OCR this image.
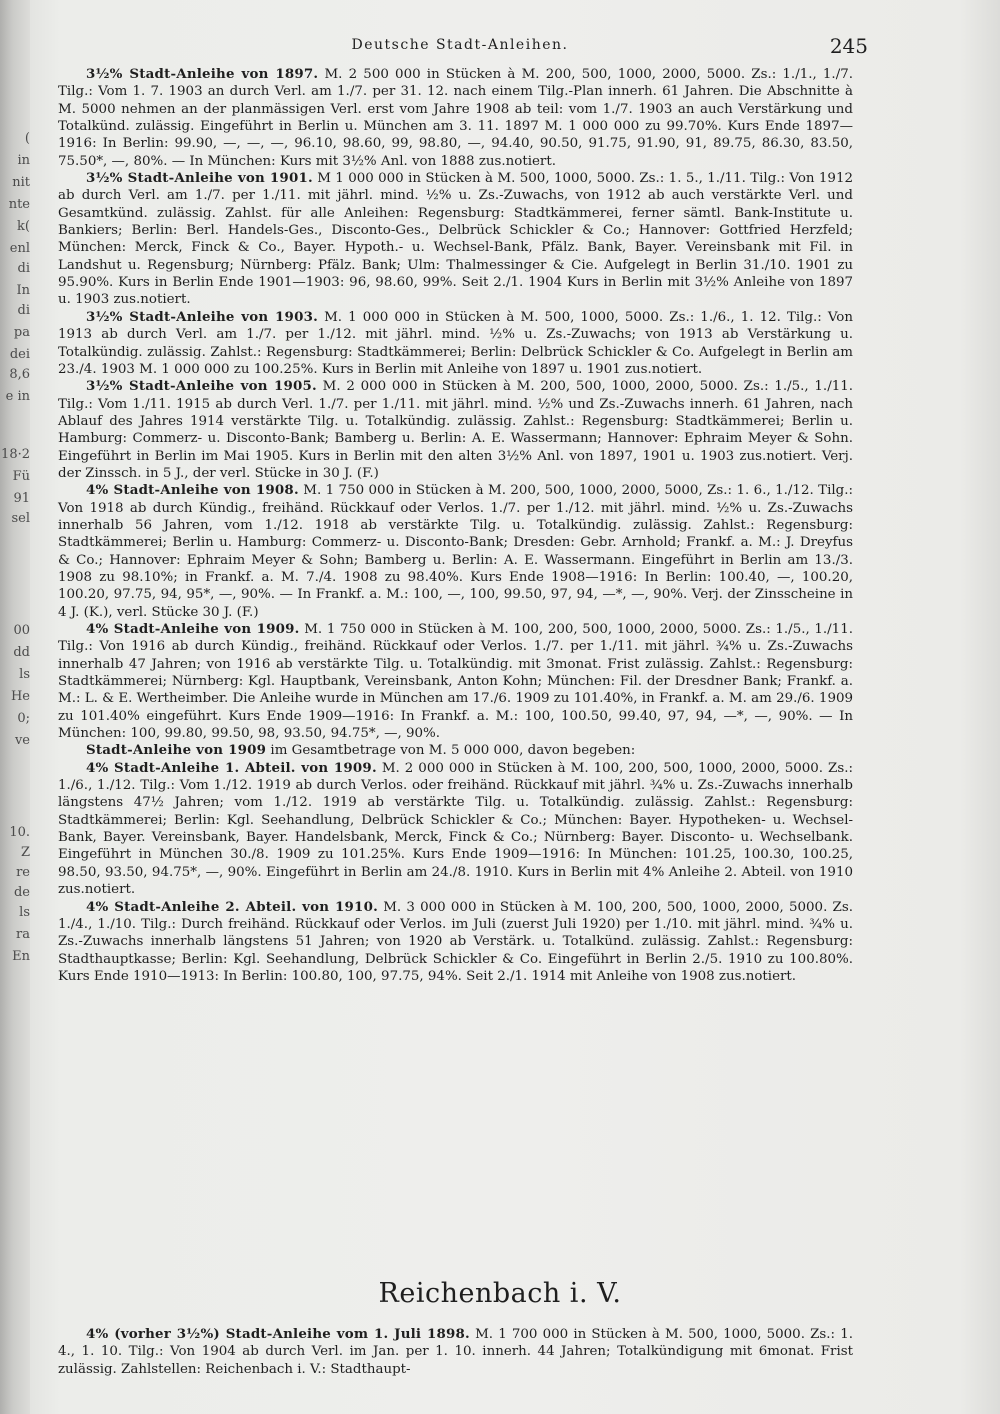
(
in
nit
nte
k(
enl
di
In
di
pa
dei
8,6
e in
18·2
Fü
91
sel
00
dd
ls
He
0;
ve
10.
Z
re
de
ls
ra
En
Deutsche Stadt-Anleihen.	245

3½% Stadt-Anleihe von 1897. M. 2 500 000 in Stücken à M. 200, 500, 1000, 2000, 5000. Zs.: 1./1., 1./7. Tilg.: Vom 1. 7. 1903 an durch Verl. am 1./7. per 31. 12. nach einem Tilg.-Plan innerh. 61 Jahren. Die Abschnitte à M. 5000 nehmen an der planmässigen Verl. erst vom Jahre 1908 ab teil: vom 1./7. 1903 an auch Verstärkung und Totalkünd. zulässig. Eingeführt in Berlin u. München am 3. 11. 1897 M. 1 000 000 zu 99.70%. Kurs Ende 1897—1916: In Berlin: 99.90, —, —, —, 96.10, 98.60, 99, 98.80, —, 94.40, 90.50, 91.75, 91.90, 91, 89.75, 86.30, 83.50, 75.50*, —, 80%. — In München: Kurs mit 3½% Anl. von 1888 zus.notiert.

3½% Stadt-Anleihe von 1901. M 1 000 000 in Stücken à M. 500, 1000, 5000. Zs.: 1. 5., 1./11. Tilg.: Von 1912 ab durch Verl. am 1./7. per 1./11. mit jährl. mind. ½% u. Zs.-Zuwachs, von 1912 ab auch verstärkte Verl. und Gesamtkünd. zulässig. Zahlst. für alle Anleihen: Regensburg: Stadtkämmerei, ferner sämtl. Bank-Institute u. Bankiers; Berlin: Berl. Handels-Ges., Disconto-Ges., Delbrück Schickler & Co.; Hannover: Gottfried Herzfeld; München: Merck, Finck & Co., Bayer. Hypoth.- u. Wechsel-Bank, Pfälz. Bank, Bayer. Vereinsbank mit Fil. in Landshut u. Regensburg; Nürnberg: Pfälz. Bank; Ulm: Thalmessinger & Cie. Aufgelegt in Berlin 31./10. 1901 zu 95.90%. Kurs in Berlin Ende 1901—1903: 96, 98.60, 99%. Seit 2./1. 1904 Kurs in Berlin mit 3½% Anleihe von 1897 u. 1903 zus.notiert.

3½% Stadt-Anleihe von 1903. M. 1 000 000 in Stücken à M. 500, 1000, 5000. Zs.: 1./6., 1. 12. Tilg.: Von 1913 ab durch Verl. am 1./7. per 1./12. mit jährl. mind. ½% u. Zs.-Zuwachs; von 1913 ab Verstärkung u. Totalkündig. zulässig. Zahlst.: Regensburg: Stadtkämmerei; Berlin: Delbrück Schickler & Co. Aufgelegt in Berlin am 23./4. 1903 M. 1 000 000 zu 100.25%. Kurs in Berlin mit Anleihe von 1897 u. 1901 zus.notiert.

3½% Stadt-Anleihe von 1905. M. 2 000 000 in Stücken à M. 200, 500, 1000, 2000, 5000. Zs.: 1./5., 1./11. Tilg.: Vom 1./11. 1915 ab durch Verl. 1./7. per 1./11. mit jährl. mind. ½% und Zs.-Zuwachs innerh. 61 Jahren, nach Ablauf des Jahres 1914 verstärkte Tilg. u. Totalkündig. zulässig. Zahlst.: Regensburg: Stadtkämmerei; Berlin u. Hamburg: Commerz- u. Disconto-Bank; Bamberg u. Berlin: A. E. Wassermann; Hannover: Ephraim Meyer & Sohn. Eingeführt in Berlin im Mai 1905. Kurs in Berlin mit den alten 3½% Anl. von 1897, 1901 u. 1903 zus.notiert. Verj. der Zinssch. in 5 J., der verl. Stücke in 30 J. (F.)

4% Stadt-Anleihe von 1908. M. 1 750 000 in Stücken à M. 200, 500, 1000, 2000, 5000, Zs.: 1. 6., 1./12. Tilg.: Von 1918 ab durch Kündig., freihänd. Rückkauf oder Verlos. 1./7. per 1./12. mit jährl. mind. ½% u. Zs.-Zuwachs innerhalb 56 Jahren, vom 1./12. 1918 ab verstärkte Tilg. u. Totalkündig. zulässig. Zahlst.: Regensburg: Stadtkämmerei; Berlin u. Hamburg: Commerz- u. Disconto-Bank; Dresden: Gebr. Arnhold; Frankf. a. M.: J. Dreyfus & Co.; Hannover: Ephraim Meyer & Sohn; Bamberg u. Berlin: A. E. Wassermann. Eingeführt in Berlin am 13./3. 1908 zu 98.10%; in Frankf. a. M. 7./4. 1908 zu 98.40%. Kurs Ende 1908—1916: In Berlin: 100.40, —, 100.20, 100.20, 97.75, 94, 95*, —, 90%. — In Frankf. a. M.: 100, —, 100, 99.50, 97, 94, —*, —, 90%. Verj. der Zinsscheine in 4 J. (K.), verl. Stücke 30 J. (F.)

4% Stadt-Anleihe von 1909. M. 1 750 000 in Stücken à M. 100, 200, 500, 1000, 2000, 5000. Zs.: 1./5., 1./11. Tilg.: Von 1916 ab durch Kündig., freihänd. Rückkauf oder Verlos. 1./7. per 1./11. mit jährl. ¾% u. Zs.-Zuwachs innerhalb 47 Jahren; von 1916 ab verstärkte Tilg. u. Totalkündig. mit 3monat. Frist zulässig. Zahlst.: Regensburg: Stadtkämmerei; Nürnberg: Kgl. Hauptbank, Vereinsbank, Anton Kohn; München: Fil. der Dresdner Bank; Frankf. a. M.: L. & E. Wertheimber. Die Anleihe wurde in München am 17./6. 1909 zu 101.40%, in Frankf. a. M. am 29./6. 1909 zu 101.40% eingeführt. Kurs Ende 1909—1916: In Frankf. a. M.: 100, 100.50, 99.40, 97, 94, —*, —, 90%. — In München: 100, 99.80, 99.50, 98, 93.50, 94.75*, —, 90%.

Stadt-Anleihe von 1909 im Gesamtbetrage von M. 5 000 000, davon begeben:

4% Stadt-Anleihe 1. Abteil. von 1909. M. 2 000 000 in Stücken à M. 100, 200, 500, 1000, 2000, 5000. Zs.: 1./6., 1./12. Tilg.: Vom 1./12. 1919 ab durch Verlos. oder freihänd. Rückkauf mit jährl. ¾% u. Zs.-Zuwachs innerhalb längstens 47½ Jahren; vom 1./12. 1919 ab verstärkte Tilg. u. Totalkündig. zulässig. Zahlst.: Regensburg: Stadtkämmerei; Berlin: Kgl. Seehandlung, Delbrück Schickler & Co.; München: Bayer. Hypotheken- u. Wechsel-Bank, Bayer. Vereinsbank, Bayer. Handelsbank, Merck, Finck & Co.; Nürnberg: Bayer. Disconto- u. Wechselbank. Eingeführt in München 30./8. 1909 zu 101.25%. Kurs Ende 1909—1916: In München: 101.25, 100.30, 100.25, 98.50, 93.50, 94.75*, —, 90%. Eingeführt in Berlin am 24./8. 1910. Kurs in Berlin mit 4% Anleihe 2. Abteil. von 1910 zus.notiert.

4% Stadt-Anleihe 2. Abteil. von 1910. M. 3 000 000 in Stücken à M. 100, 200, 500, 1000, 2000, 5000. Zs. 1./4., 1./10. Tilg.: Durch freihänd. Rückkauf oder Verlos. im Juli (zuerst Juli 1920) per 1./10. mit jährl. mind. ¾% u. Zs.-Zuwachs innerhalb längstens 51 Jahren; von 1920 ab Verstärk. u. Totalkünd. zulässig. Zahlst.: Regensburg: Stadthauptkasse; Berlin: Kgl. Seehandlung, Delbrück Schickler & Co. Eingeführt in Berlin 2./5. 1910 zu 100.80%. Kurs Ende 1910—1913: In Berlin: 100.80, 100, 97.75, 94%. Seit 2./1. 1914 mit Anleihe von 1908 zus.notiert.

Reichenbach i. V.

4% (vorher 3½%) Stadt-Anleihe vom 1. Juli 1898. M. 1 700 000 in Stücken à M. 500, 1000, 5000. Zs.: 1. 4., 1. 10. Tilg.: Von 1904 ab durch Verl. im Jan. per 1. 10. innerh. 44 Jahren; Totalkündigung mit 6monat. Frist zulässig. Zahlstellen: Reichenbach i. V.: Stadthaupt-
